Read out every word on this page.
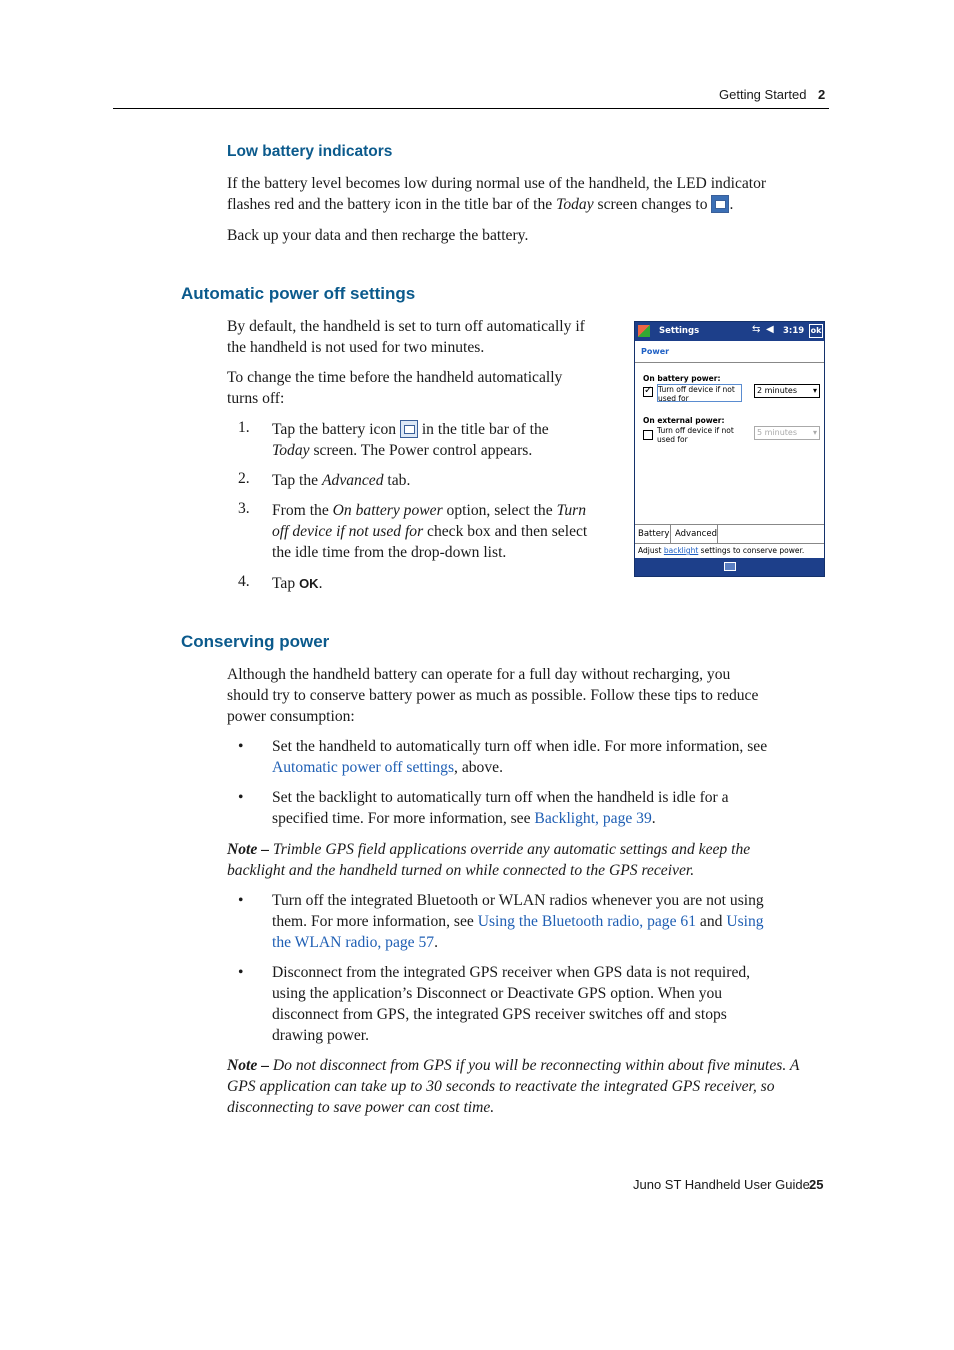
Getting Started 2
Low battery indicators
If the battery level becomes low during normal use of the handheld, the LED indicator
flashes red and the battery icon in the title bar of the Today screen changes to .
Back up your data and then recharge the battery.
Automatic power off settings
By default, the handheld is set to turn off automatically if
the handheld is not used for two minutes.
To change the time before the handheld automatically
turns off:
1. Tap the battery icon  in the title bar of the
Today screen. The Power control appears.
2. Tap the Advanced tab.
3. From the On battery power option, select the Turn
off device if not used for check box and then select
the idle time from the drop-down list.
4. Tap OK.
Settings	⇆ ◀ 3:19 ok
Power
On battery power:
✓ Turn off device if not
used for
2 minutes ▾
On external power:
Turn off device if not
used for
5 minutes ▾
Battery Advanced
Adjust backlight settings to conserve power.
Conserving power
Although the handheld battery can operate for a full day without recharging, you
should try to conserve battery power as much as possible. Follow these tips to reduce
power consumption:
• Set the handheld to automatically turn off when idle. For more information, see
Automatic power off settings, above.
• Set the backlight to automatically turn off when the handheld is idle for a
specified time. For more information, see Backlight, page 39.
Note – Trimble GPS field applications override any automatic settings and keep the
backlight and the handheld turned on while connected to the GPS receiver.
• Turn off the integrated Bluetooth or WLAN radios whenever you are not using
them. For more information, see Using the Bluetooth radio, page 61 and Using
the WLAN radio, page 57.
• Disconnect from the integrated GPS receiver when GPS data is not required,
using the application’s Disconnect or Deactivate GPS option. When you
disconnect from GPS, the integrated GPS receiver switches off and stops
drawing power.
Note – Do not disconnect from GPS if you will be reconnecting within about five minutes. A
GPS application can take up to 30 seconds to reactivate the integrated GPS receiver, so
disconnecting to save power can cost time.
Juno ST Handheld User Guide 25
